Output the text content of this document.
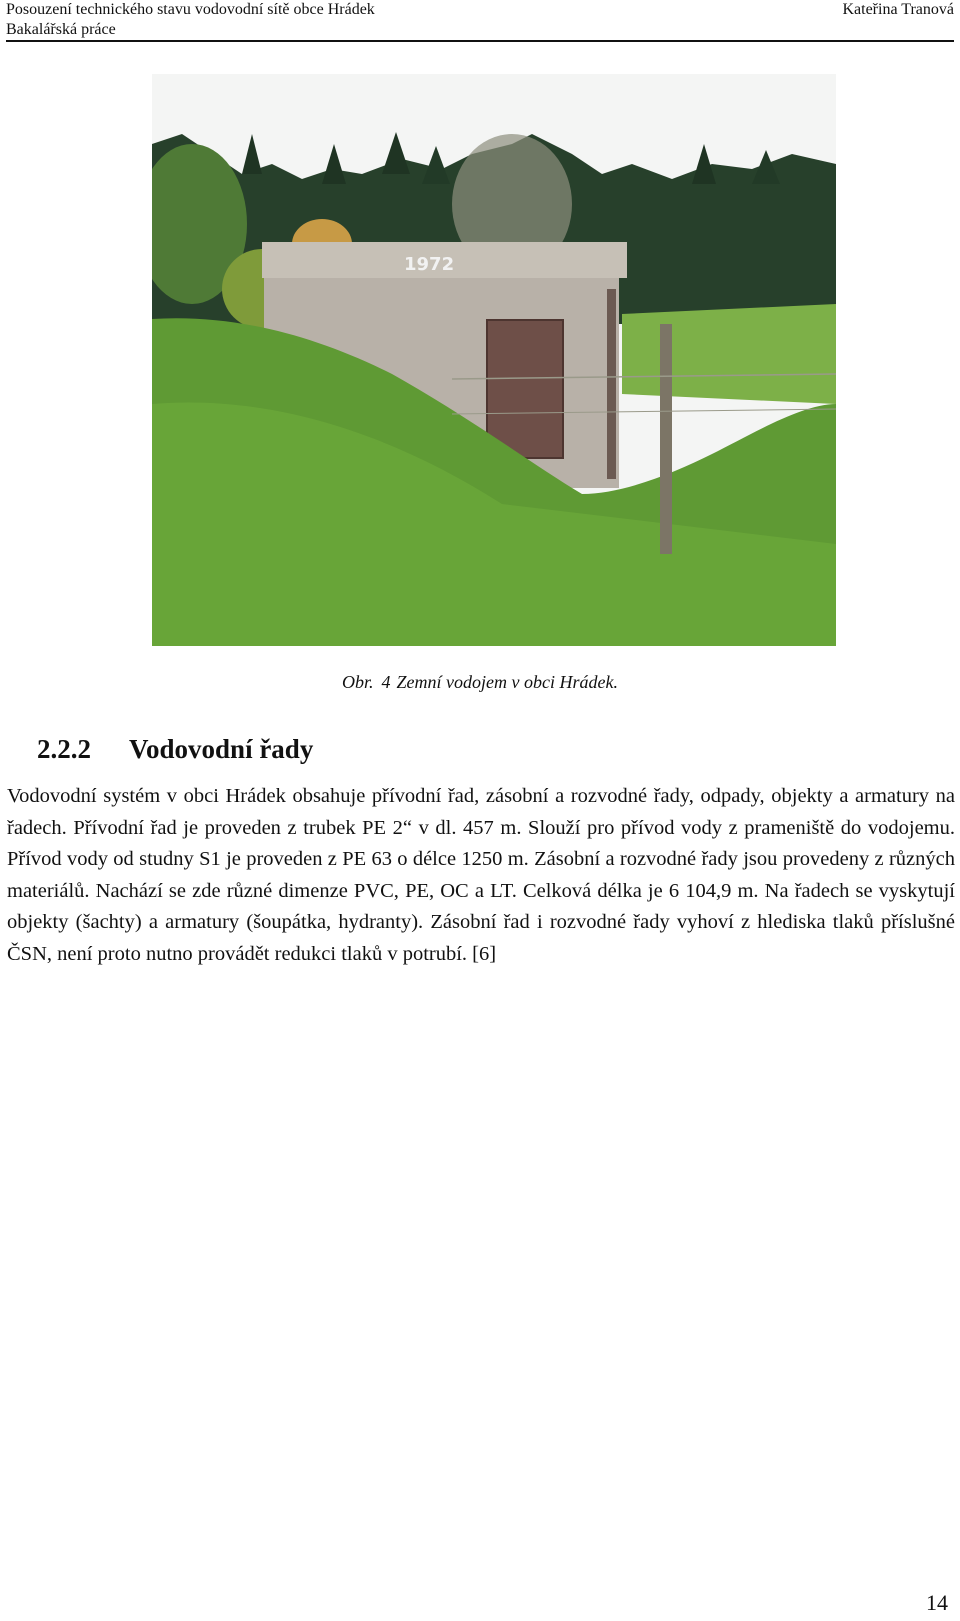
Posouzení technického stavu vodovodní sítě obce Hrádek
Bakalářská práce
Kateřina Tranová
1972
Obr. 4 Zemní vodojem v obci Hrádek.
2.2.2 Vodovodní řady
Vodovodní systém v obci Hrádek obsahuje přívodní řad, zásobní a rozvodné řady, odpady, objekty a armatury na řadech. Přívodní řad je proveden z trubek PE 2“ v dl. 457 m. Slouží pro přívod vody z prameniště do vodojemu. Přívod vody od studny S1 je proveden z PE 63 o délce 1250 m. Zásobní a rozvodné řady jsou provedeny z různých materiálů. Nachází se zde různé dimenze PVC, PE, OC a LT. Celková délka je 6 104,9 m. Na řadech se vyskytují objekty (šachty) a armatury (šoupátka, hydranty). Zásobní řad i rozvodné řady vyhoví z hlediska tlaků příslušné ČSN, není proto nutno provádět redukci tlaků v potrubí. [6]
14
